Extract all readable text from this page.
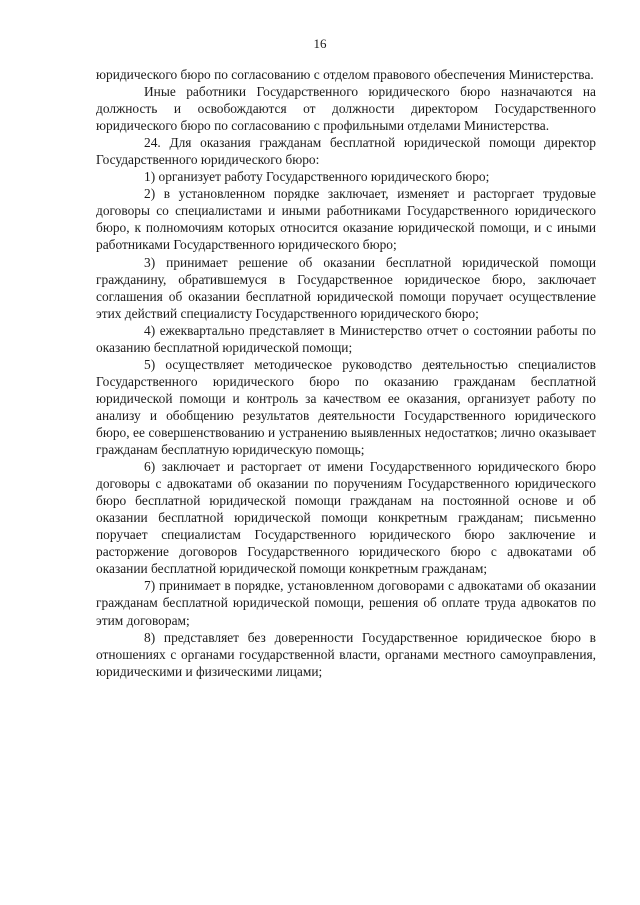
16

юридического бюро по согласованию с отделом правового обеспечения Министерства.

Иные работники Государственного юридического бюро назначаются на должность и освобождаются от должности директором Государственного юридического бюро по согласованию с профильными отделами Министерства.

24. Для оказания гражданам бесплатной юридической помощи директор Государственного юридического бюро:

1) организует работу Государственного юридического бюро;

2) в установленном порядке заключает, изменяет и расторгает трудовые договоры со специалистами и иными работниками Государственного юридического бюро, к полномочиям которых относится оказание юридической помощи, и с иными работниками Государственного юридического бюро;

3) принимает решение об оказании бесплатной юридической помощи гражданину, обратившемуся в Государственное юридическое бюро, заключает соглашения об оказании бесплатной юридической помощи поручает осуществление этих действий специалисту Государственного юридического бюро;

4) ежеквартально представляет в Министерство отчет о состоянии работы по оказанию бесплатной юридической помощи;

5) осуществляет методическое руководство деятельностью специалистов Государственного юридического бюро по оказанию гражданам бесплатной юридической помощи и контроль за качеством ее оказания, организует работу по анализу и обобщению результатов деятельности Государственного юридического бюро, ее совершенствованию и устранению выявленных недостатков; лично оказывает гражданам бесплатную юридическую помощь;

6) заключает и расторгает от имени Государственного юридического бюро договоры с адвокатами об оказании по поручениям Государственного юридического бюро бесплатной юридической помощи гражданам на постоянной основе и об оказании бесплатной юридической помощи конкретным гражданам; письменно поручает специалистам Государственного юридического бюро заключение и расторжение договоров Государственного юридического бюро с адвокатами об оказании бесплатной юридической помощи конкретным гражданам;

7) принимает в порядке, установленном договорами с адвокатами об оказании гражданам бесплатной юридической помощи, решения об оплате труда адвокатов по этим договорам;

8) представляет без доверенности Государственное юридическое бюро в отношениях с органами государственной власти, органами местного самоуправления, юридическими и физическими лицами;
